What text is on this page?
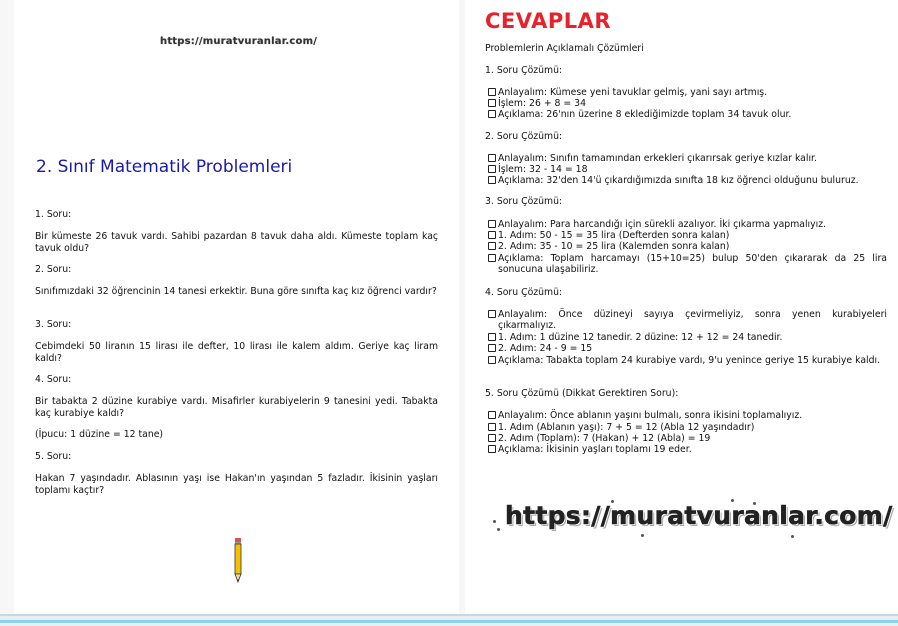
https://muratvuranlar.com/
2. Sınıf Matematik Problemleri
1. Soru:
Bir kümeste 26 tavuk vardı. Sahibi pazardan 8 tavuk daha aldı. Kümeste toplam kaç tavuk oldu?
2. Soru:
Sınıfımızdaki 32 öğrencinin 14 tanesi erkektir. Buna göre sınıfta kaç kız öğrenci vardır?
3. Soru:
Cebimdeki 50 liranın 15 lirası ile defter, 10 lirası ile kalem aldım. Geriye kaç liram kaldı?
4. Soru:
Bir tabakta 2 düzine kurabiye vardı. Misafirler kurabiyelerin 9 tanesini yedi. Tabakta kaç kurabiye kaldı?
(İpucu: 1 düzine = 12 tane)
5. Soru:
Hakan 7 yaşındadır. Ablasının yaşı ise Hakan'ın yaşından 5 fazladır. İkisinin yaşları toplamı kaçtır?
CEVAPLAR
Problemlerin Açıklamalı Çözümleri
1. Soru Çözümü:
Anlayalım: Kümese yeni tavuklar gelmiş, yani sayı artmış.
İşlem: 26 + 8 = 34
Açıklama: 26'nın üzerine 8 eklediğimizde toplam 34 tavuk olur.
2. Soru Çözümü:
Anlayalım: Sınıfın tamamından erkekleri çıkarırsak geriye kızlar kalır.
İşlem: 32 - 14 = 18
Açıklama: 32'den 14'ü çıkardığımızda sınıfta 18 kız öğrenci olduğunu buluruz.
3. Soru Çözümü:
Anlayalım: Para harcandığı için sürekli azalıyor. İki çıkarma yapmalıyız.
1. Adım: 50 - 15 = 35 lira (Defterden sonra kalan)
2. Adım: 35 - 10 = 25 lira (Kalemden sonra kalan)
Açıklama: Toplam harcamayı (15+10=25) bulup 50'den çıkararak da 25 lira sonucuna ulaşabiliriz.
4. Soru Çözümü:
Anlayalım: Önce düzineyi sayıya çevirmeliyiz, sonra yenen kurabiyeleri çıkarmalıyız.
1. Adım: 1 düzine 12 tanedir. 2 düzine: 12 + 12 = 24 tanedir.
2. Adım: 24 - 9 = 15
Açıklama: Tabakta toplam 24 kurabiye vardı, 9'u yenince geriye 15 kurabiye kaldı.
5. Soru Çözümü (Dikkat Gerektiren Soru):
Anlayalım: Önce ablanın yaşını bulmalı, sonra ikisini toplamalıyız.
1. Adım (Ablanın yaşı): 7 + 5 = 12 (Abla 12 yaşındadır)
2. Adım (Toplam): 7 (Hakan) + 12 (Abla) = 19
Açıklama: İkisinin yaşları toplamı 19 eder.
https://muratvuranlar.com/
